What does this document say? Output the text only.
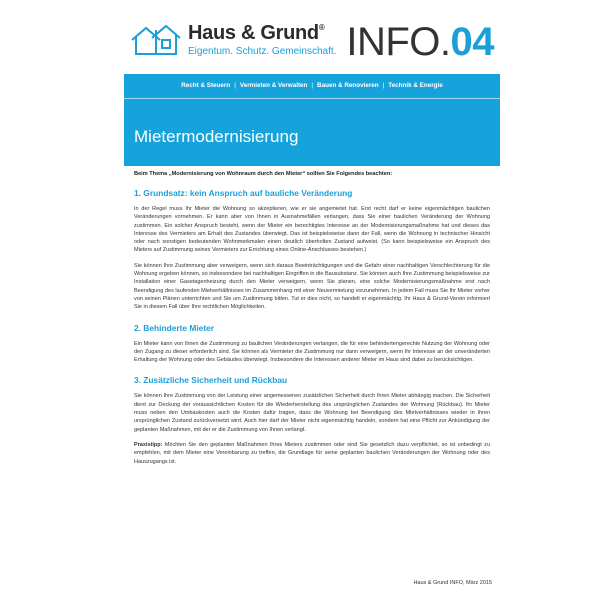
Haus & Grund®
Eigentum. Schutz. Gemeinschaft. INFO.04
Recht & Steuern | Vermieten & Verwalten | Bauen & Renovieren | Technik & Energie
Mietermodernisierung
Beim Thema „Modernisierung von Wohnraum durch den Mieter“ sollten Sie Folgendes beachten:
1. Grundsatz: kein Anspruch auf bauliche Veränderung

In der Regel muss Ihr Mieter die Wohnung so akzeptieren, wie er sie angemietet hat. Erst recht darf er keine eigenmächtigen baulichen Veränderungen vornehmen. Er kann aber von Ihnen in Ausnahmefällen verlangen, dass Sie einer baulichen Veränderung der Wohnung zustimmen. Ein solcher Anspruch besteht, wenn der Mieter ein berechtigtes Interesse an der Modernisierungsmaßnahme hat und dieses das Interesse des Vermieters am Erhalt des Zustandes überwiegt. Das ist beispielsweise dann der Fall, wenn die Wohnung in technischer Hinsicht oder nach sonstigen bedeutenden Wohnmerkmalen einen deutlich überholten Zustand aufweist. (So kann beispielsweise ein Anspruch des Mieters auf Zustimmung seines Vermieters zur Errichtung eines Online-Anschlusses bestehen.)

Sie können Ihre Zustimmung aber verweigern, wenn sich daraus Beeinträchtigungen und die Gefahr einer nachhaltigen Verschlechterung für die Wohnung ergeben können, so insbesondere bei nachhaltigen Eingriffen in die Bausubstanz. Sie können auch Ihre Zustimmung beispielsweise zur Installation einer Gasetagenheizung durch den Mieter verweigern, wenn Sie planen, eine solche Modernisierungsmaßnahme erst nach Beendigung des laufenden Mietverhältnisses im Zusammenhang mit einer Neuvermietung vorzunehmen. In jedem Fall muss Sie Ihr Mieter vorher von seinen Plänen unterrichten und Sie um Zustimmung bitten. Tut er dies nicht, so handelt er eigenmächtig. Ihr Haus & Grund-Verein informiert Sie in diesem Fall über Ihre rechtlichen Möglichkeiten.

2. Behinderte Mieter

Ein Mieter kann von Ihnen die Zustimmung zu baulichen Veränderungen verlangen, die für eine behindertengerechte Nutzung der Wohnung oder den Zugang zu dieser erforderlich sind. Sie können als Vermieter die Zustimmung nur dann verweigern, wenn Ihr Interesse an der unveränderten Erhaltung der Wohnung oder des Gebäudes überwiegt. Insbesondere die Interessen anderer Mieter im Haus sind dabei zu berücksichtigen.

3. Zusätzliche Sicherheit und Rückbau

Sie können Ihre Zustimmung von der Leistung einer angemessenen zusätzlichen Sicherheit durch Ihren Mieter abhängig machen. Die Sicherheit dient zur Deckung der voraussichtlichen Kosten für die Wiederherstellung des ursprünglichen Zustandes der Wohnung (Rückbau). Ihr Mieter muss neben den Umbaukosten auch die Kosten dafür tragen, dass die Wohnung bei Beendigung des Mietverhältnisses wieder in ihren ursprünglichen Zustand zurückversetzt wird. Auch hier darf der Mieter nicht eigenmächtig handeln, sondern hat eine Pflicht zur Ankündigung der geplanten Maßnahmen, mit der er die Zustimmung von Ihnen verlangt.

Praxistipp: Möchten Sie den geplanten Maßnahmen Ihres Mieters zustimmen oder sind Sie gesetzlich dazu verpflichtet, so ist unbedingt zu empfehlen, mit dem Mieter eine Vereinbarung zu treffen, die Grundlage für seine geplanten baulichen Veränderungen der Wohnung oder des Hauszugangs ist.

Haus & Grund INFO, März 2015
